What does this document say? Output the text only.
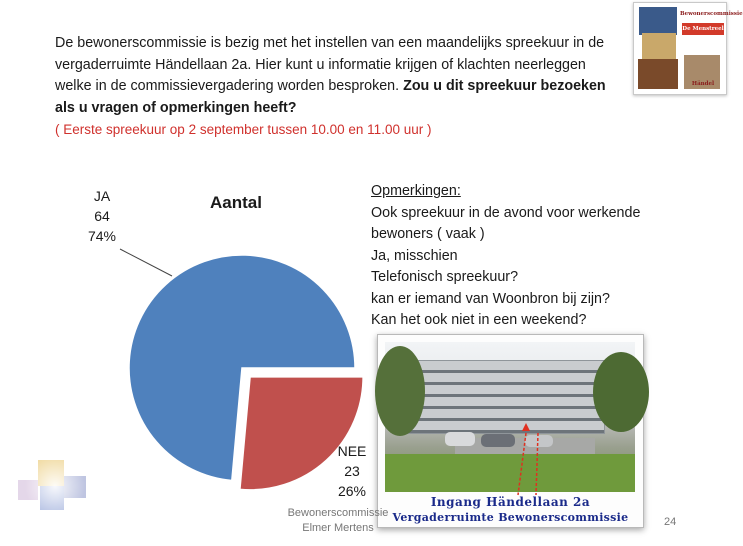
De bewonerscommissie is bezig met het instellen van een maandelijks spreekuur in de vergaderruimte Händellaan 2a. Hier kunt u informatie krijgen of klachten neerleggen welke in de commissievergadering worden besproken. Zou u dit spreekuur bezoeken als u vragen of opmerkingen heeft?
( Eerste spreekuur op 2 september tussen 10.00 en 11.00 uur )
Bewonerscommissie
De Menstreel
Händel
Aantal
JA
64
74%
NEE
23
26%
Opmerkingen:
Ook spreekuur in de avond voor werkende bewoners ( vaak )
Ja, misschien
Telefonisch spreekuur?
kan er iemand van Woonbron bij zijn?
Kan het ook niet in een weekend?
Ingang Händellaan 2a
Vergaderruimte Bewonerscommissie
Bewonerscommissie
Elmer Mertens	24
